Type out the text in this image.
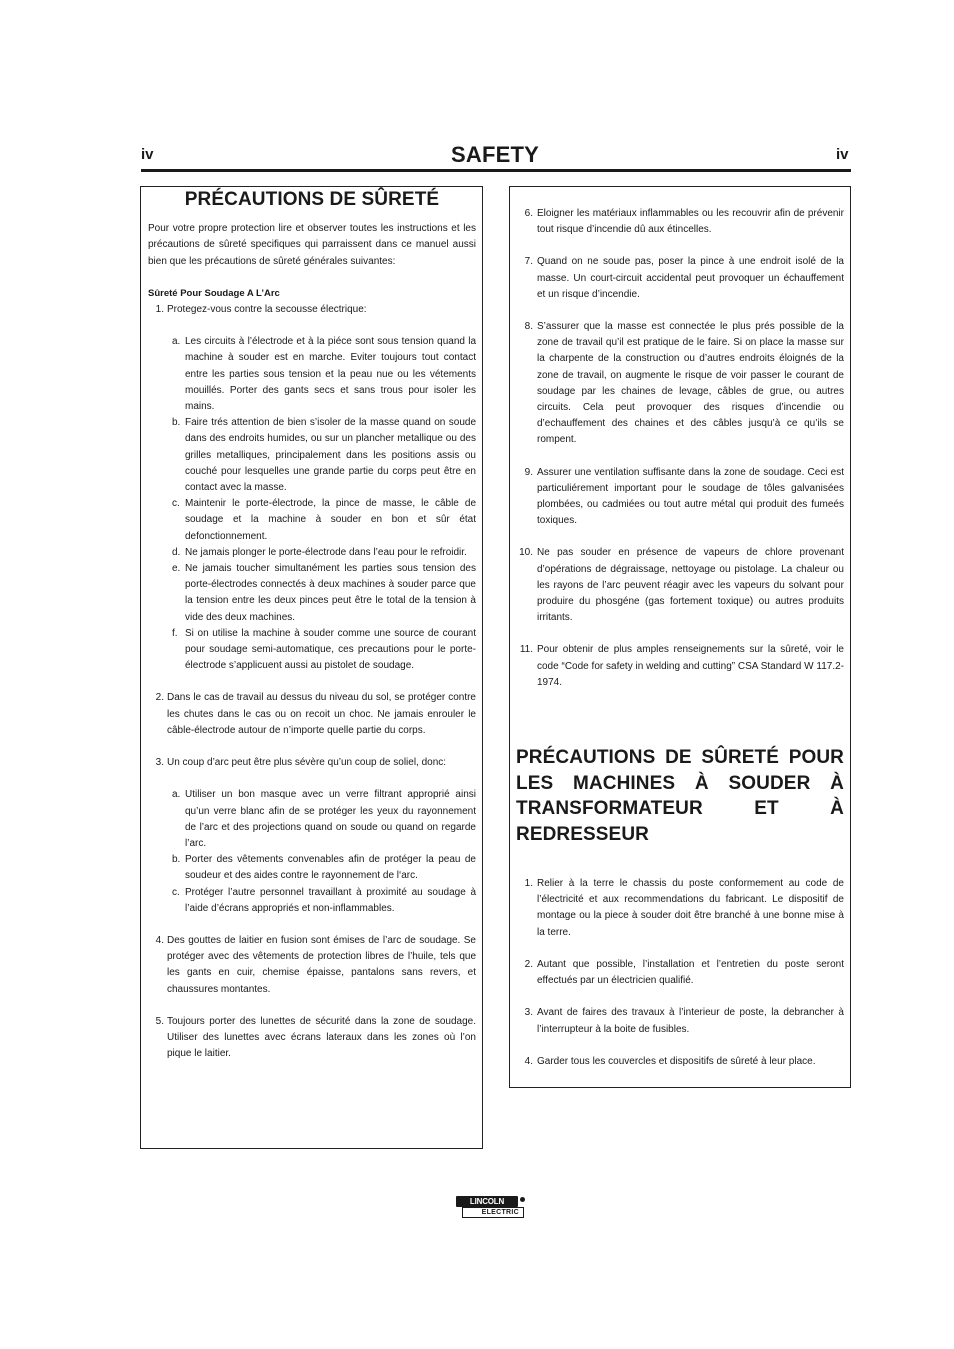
iv	SAFETY	iv
PRÉCAUTIONS DE SÛRETÉ
Pour votre propre protection lire et observer toutes les instructions et les précautions de sûreté specifiques qui parraissent dans ce manuel aussi bien que les précautions de sûreté générales suivantes:
Sûreté Pour Soudage A L’Arc
1. Protegez-vous contre la secousse électrique:
a. Les circuits à l’électrode et à la piéce sont sous tension quand la machine à souder est en marche. Eviter toujours tout contact entre les parties sous tension et la peau nue ou les vétements mouillés. Porter des gants secs et sans trous pour isoler les mains.
b. Faire trés attention de bien s’isoler de la masse quand on soude dans des endroits humides, ou sur un plancher metallique ou des grilles metalliques, principalement dans les positions assis ou couché pour lesquelles une grande partie du corps peut être en contact avec la masse.
c. Maintenir le porte-électrode, la pince de masse, le câble de soudage et la machine à souder en bon et sûr état defonctionnement.
d. Ne jamais plonger le porte-électrode dans l’eau pour le refroidir.
e. Ne jamais toucher simultanément les parties sous tension des porte-électrodes connectés à deux machines à souder parce que la tension entre les deux pinces peut être le total de la tension à vide des deux machines.
f. Si on utilise la machine à souder comme une source de courant pour soudage semi-automatique, ces precautions pour le porte-électrode s’applicuent aussi au pistolet de soudage.
2. Dans le cas de travail au dessus du niveau du sol, se protéger contre les chutes dans le cas ou on recoit un choc. Ne jamais enrouler le câble-électrode autour de n’importe quelle partie du corps.
3. Un coup d’arc peut être plus sévère qu’un coup de soliel, donc:
a. Utiliser un bon masque avec un verre filtrant approprié ainsi qu’un verre blanc afin de se protéger les yeux du rayonnement de l’arc et des projections quand on soude ou quand on regarde l’arc.
b. Porter des vêtements convenables afin de protéger la peau de soudeur et des aides contre le rayonnement de l‘arc.
c. Protéger l’autre personnel travaillant à proximité au soudage à l’aide d’écrans appropriés et non-inflammables.
4. Des gouttes de laitier en fusion sont émises de l’arc de soudage. Se protéger avec des vêtements de protection libres de l’huile, tels que les gants en cuir, chemise épaisse, pantalons sans revers, et chaussures montantes.
5. Toujours porter des lunettes de sécurité dans la zone de soudage. Utiliser des lunettes avec écrans lateraux dans les zones où l’on pique le laitier.
6. Eloigner les matériaux inflammables ou les recouvrir afin de prévenir tout risque d’incendie dû aux étincelles.
7. Quand on ne soude pas, poser la pince à une endroit isolé de la masse. Un court-circuit accidental peut provoquer un échauffement et un risque d’incendie.
8. S’assurer que la masse est connectée le plus prés possible de la zone de travail qu’il est pratique de le faire. Si on place la masse sur la charpente de la construction ou d’autres endroits éloignés de la zone de travail, on augmente le risque de voir passer le courant de soudage par les chaines de levage, câbles de grue, ou autres circuits. Cela peut provoquer des risques d’incendie ou d’echauffement des chaines et des câbles jusqu’à ce qu’ils se rompent.
9. Assurer une ventilation suffisante dans la zone de soudage. Ceci est particuliérement important pour le soudage de tôles galvanisées plombées, ou cadmiées ou tout autre métal qui produit des fumeés toxiques.
10. Ne pas souder en présence de vapeurs de chlore provenant d’opérations de dégraissage, nettoyage ou pistolage. La chaleur ou les rayons de l’arc peuvent réagir avec les vapeurs du solvant pour produire du phosgéne (gas fortement toxique) ou autres produits irritants.
11. Pour obtenir de plus amples renseignements sur la sûreté, voir le code “Code for safety in welding and cutting” CSA Standard W 117.2-1974.
PRÉCAUTIONS DE SÛRETÉ POUR LES MACHINES À SOUDER À TRANSFORMATEUR ET À REDRESSEUR
1. Relier à la terre le chassis du poste conformement au code de l’électricité et aux recommendations du fabricant. Le dispositif de montage ou la piece à souder doit être branché à une bonne mise à la terre.
2. Autant que possible, l’installation et l’entretien du poste seront effectués par un électricien qualifié.
3. Avant de faires des travaux à l’interieur de poste, la debrancher à l’interrupteur à la boite de fusibles.
4. Garder tous les couvercles et dispositifs de sûreté à leur place.
LINCOLN
ELECTRIC
